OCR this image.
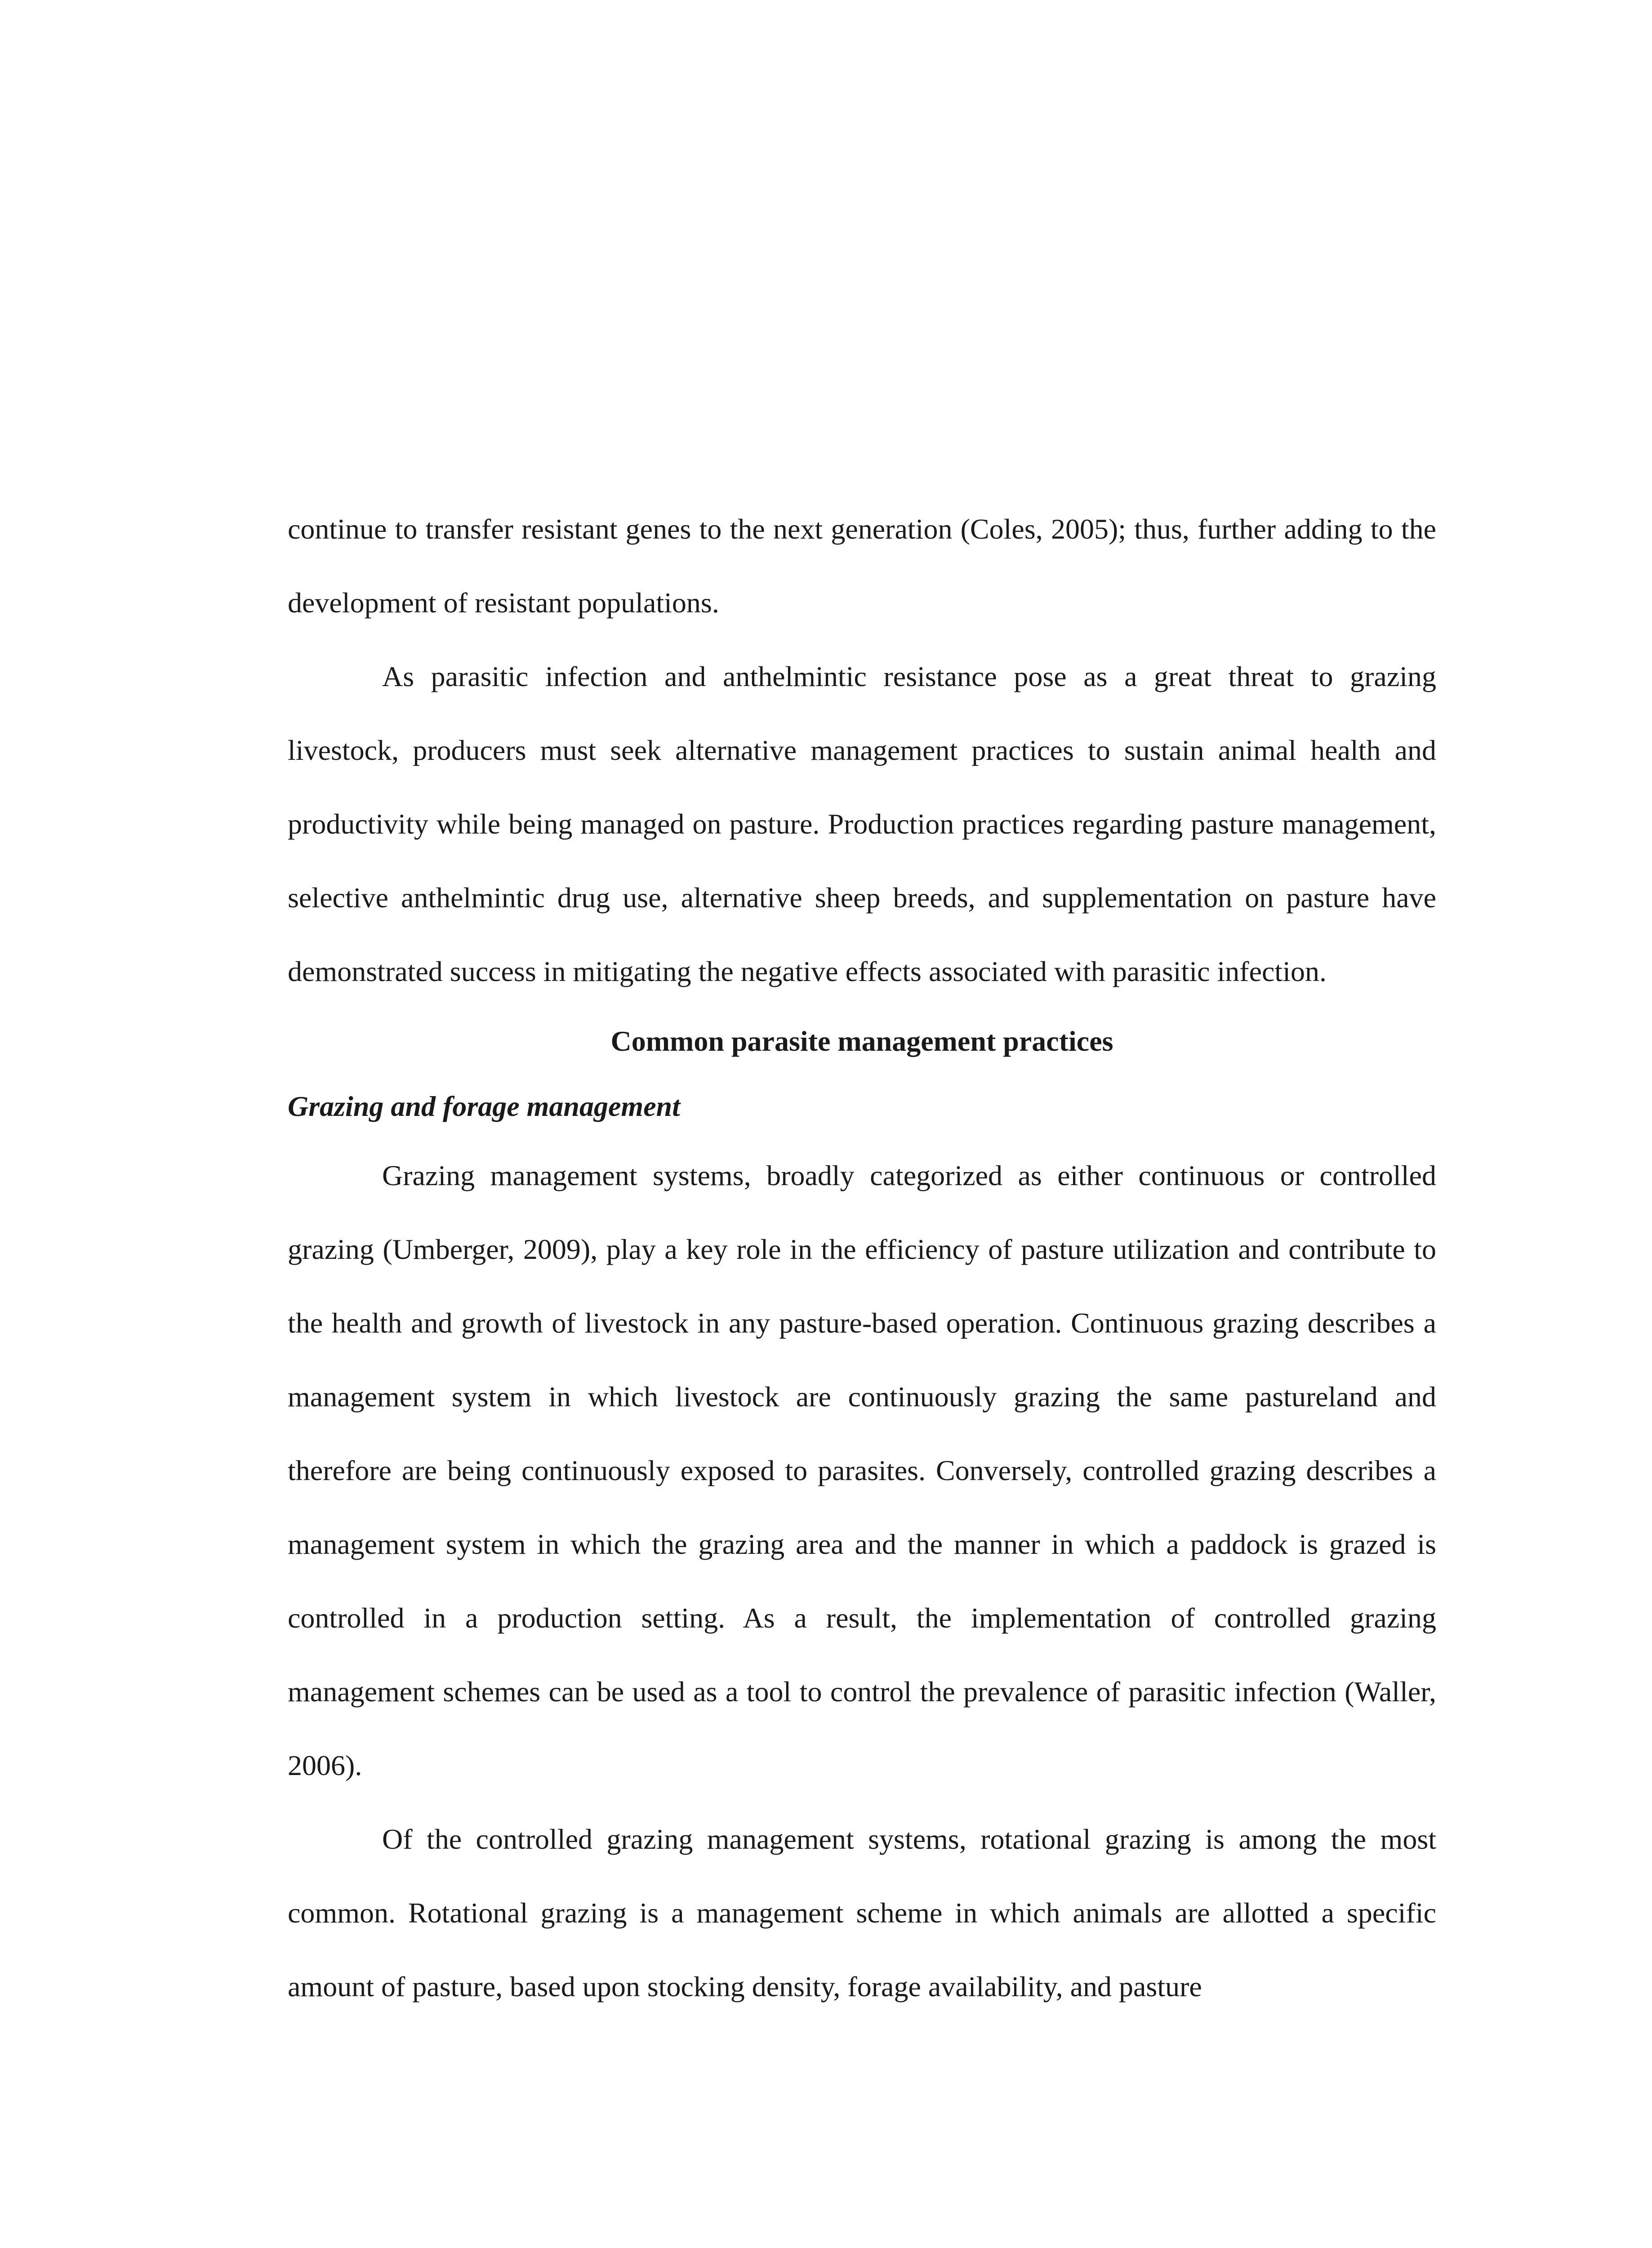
continue to transfer resistant genes to the next generation (Coles, 2005); thus, further adding to the development of resistant populations.

As parasitic infection and anthelmintic resistance pose as a great threat to grazing livestock, producers must seek alternative management practices to sustain animal health and productivity while being managed on pasture. Production practices regarding pasture management, selective anthelmintic drug use, alternative sheep breeds, and supplementation on pasture have demonstrated success in mitigating the negative effects associated with parasitic infection.

Common parasite management practices

Grazing and forage management

Grazing management systems, broadly categorized as either continuous or controlled grazing (Umberger, 2009), play a key role in the efficiency of pasture utilization and contribute to the health and growth of livestock in any pasture-based operation. Continuous grazing describes a management system in which livestock are continuously grazing the same pastureland and therefore are being continuously exposed to parasites. Conversely, controlled grazing describes a management system in which the grazing area and the manner in which a paddock is grazed is controlled in a production setting. As a result, the implementation of controlled grazing management schemes can be used as a tool to control the prevalence of parasitic infection (Waller, 2006).

Of the controlled grazing management systems, rotational grazing is among the most common. Rotational grazing is a management scheme in which animals are allotted a specific amount of pasture, based upon stocking density, forage availability, and pasture
